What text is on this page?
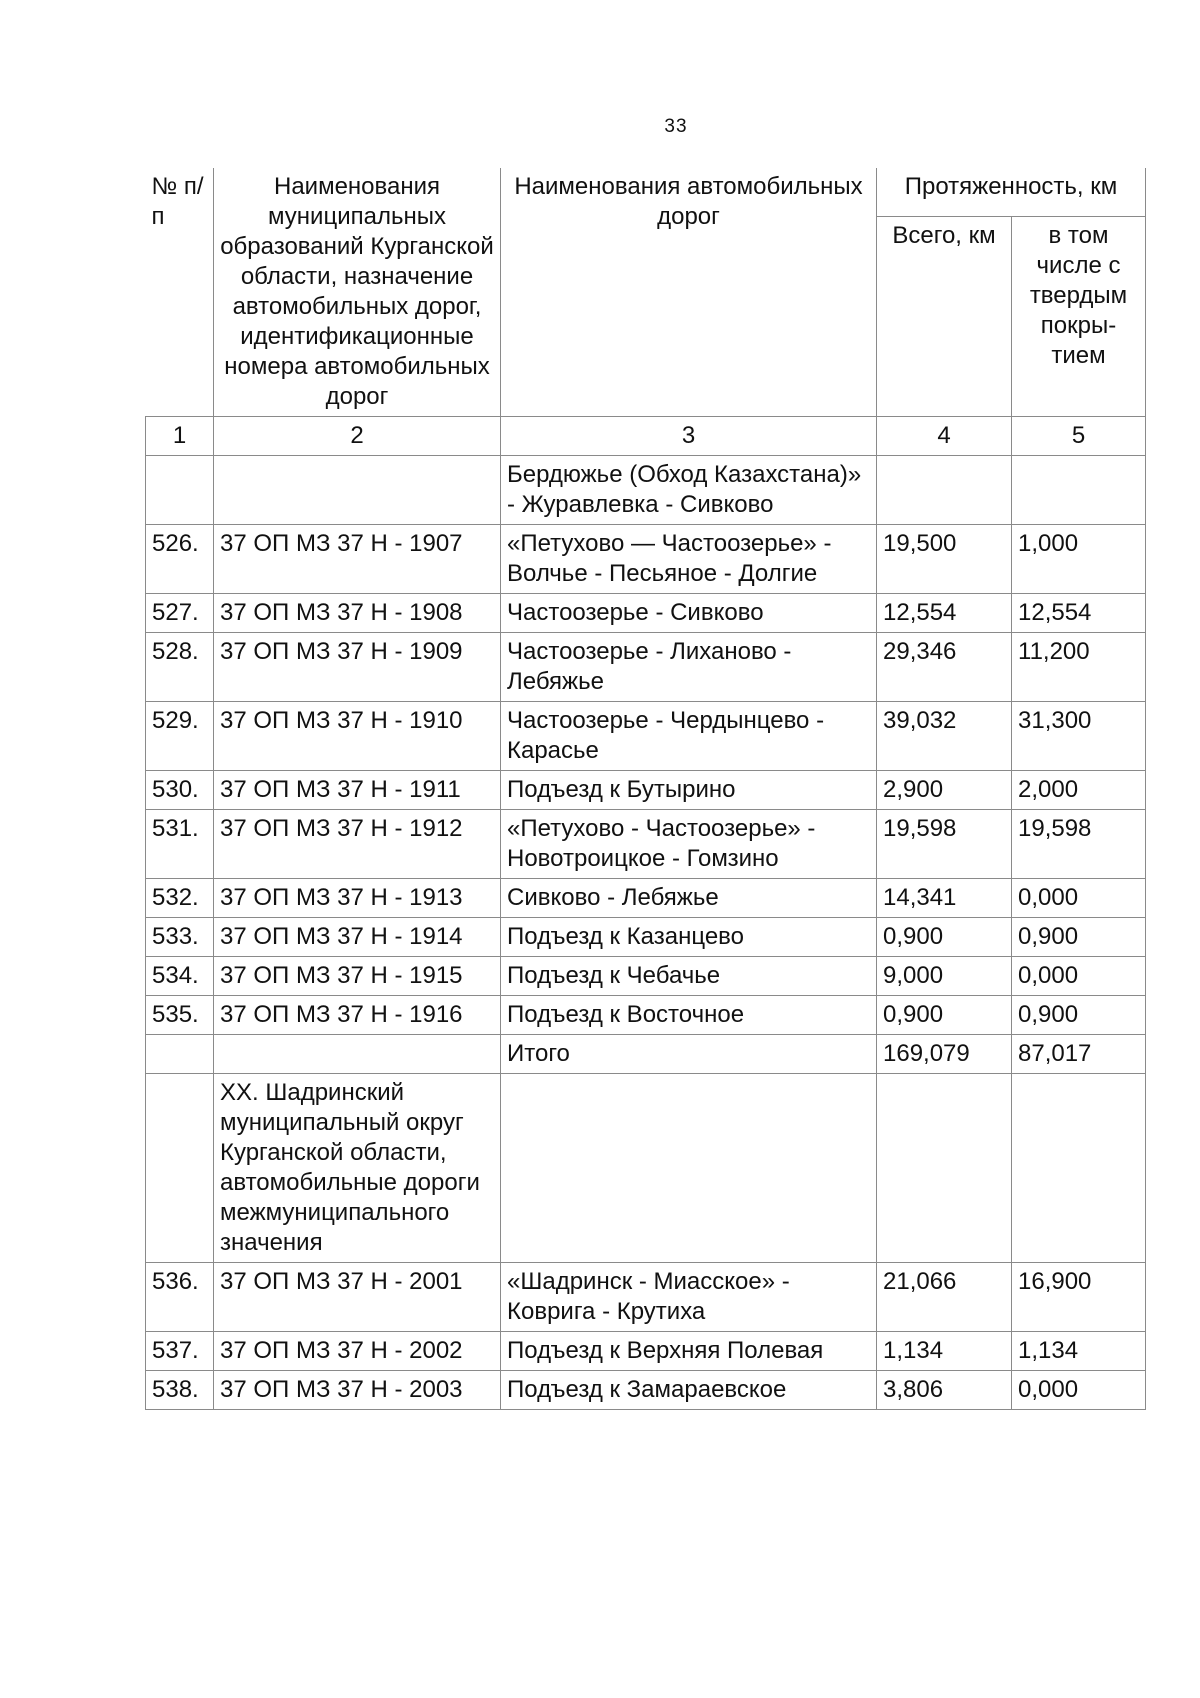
33
№ п/п	Наименования муниципальных образований Курганской области, назначение автомобильных дорог, идентификационные номера автомобильных дорог	Наименования автомобильных дорог	Протяженность, км	
			Всего, км	в том числе с твердым покры- тием
1	2	3	4	5
		Бердюжье (Обход Казахстана)» - Журавлевка - Сивково		
526.	37 ОП МЗ 37 Н - 1907	«Петухово — Частоозерье» - Волчье - Песьяное - Долгие	19,500	1,000
527.	37 ОП МЗ 37 Н - 1908	Частоозерье - Сивково	12,554	12,554
528.	37 ОП МЗ 37 Н - 1909	Частоозерье - Лиханово - Лебяжье	29,346	11,200
529.	37 ОП МЗ 37 Н - 1910	Частоозерье - Чердынцево - Карасье	39,032	31,300
530.	37 ОП МЗ 37 Н - 1911	Подъезд к Бутырино	2,900	2,000
531.	37 ОП МЗ 37 Н - 1912	«Петухово - Частоозерье» - Новотроицкое - Гомзино	19,598	19,598
532.	37 ОП МЗ 37 Н - 1913	Сивково - Лебяжье	14,341	0,000
533.	37 ОП МЗ 37 Н - 1914	Подъезд к Казанцево	0,900	0,900
534.	37 ОП МЗ 37 Н - 1915	Подъезд к Чебачье	9,000	0,000
535.	37 ОП МЗ 37 Н - 1916	Подъезд к Восточное	0,900	0,900
		Итого	169,079	87,017
	XX. Шадринский муниципальный округ Курганской области, автомобильные дороги межмуниципального значения			
536.	37 ОП МЗ 37 Н - 2001	«Шадринск - Миасское» - Коврига - Крутиха	21,066	16,900
537.	37 ОП МЗ 37 Н - 2002	Подъезд к Верхняя Полевая	1,134	1,134
538.	37 ОП МЗ 37 Н - 2003	Подъезд к Замараевское	3,806	0,000
